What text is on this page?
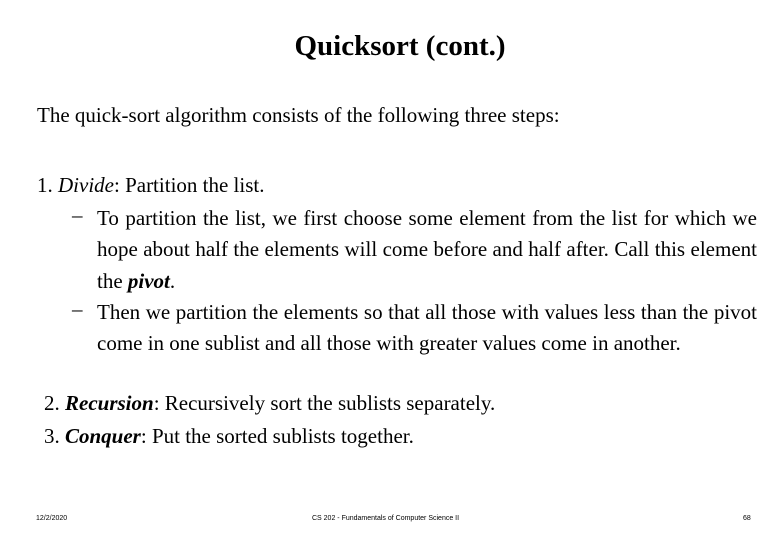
Quicksort (cont.)
The quick-sort algorithm consists of the following three steps:
1. Divide: Partition the list.
– To partition the list, we first choose some element from the list for which we hope about half the elements will come before and half after. Call this element the pivot.
– Then we partition the elements so that all those with values less than the pivot come in one sublist and all those with greater values come in another.
2. Recursion: Recursively sort the sublists separately.
3. Conquer: Put the sorted sublists together.
12/2/2020	CS 202 - Fundamentals of Computer Science II	68
